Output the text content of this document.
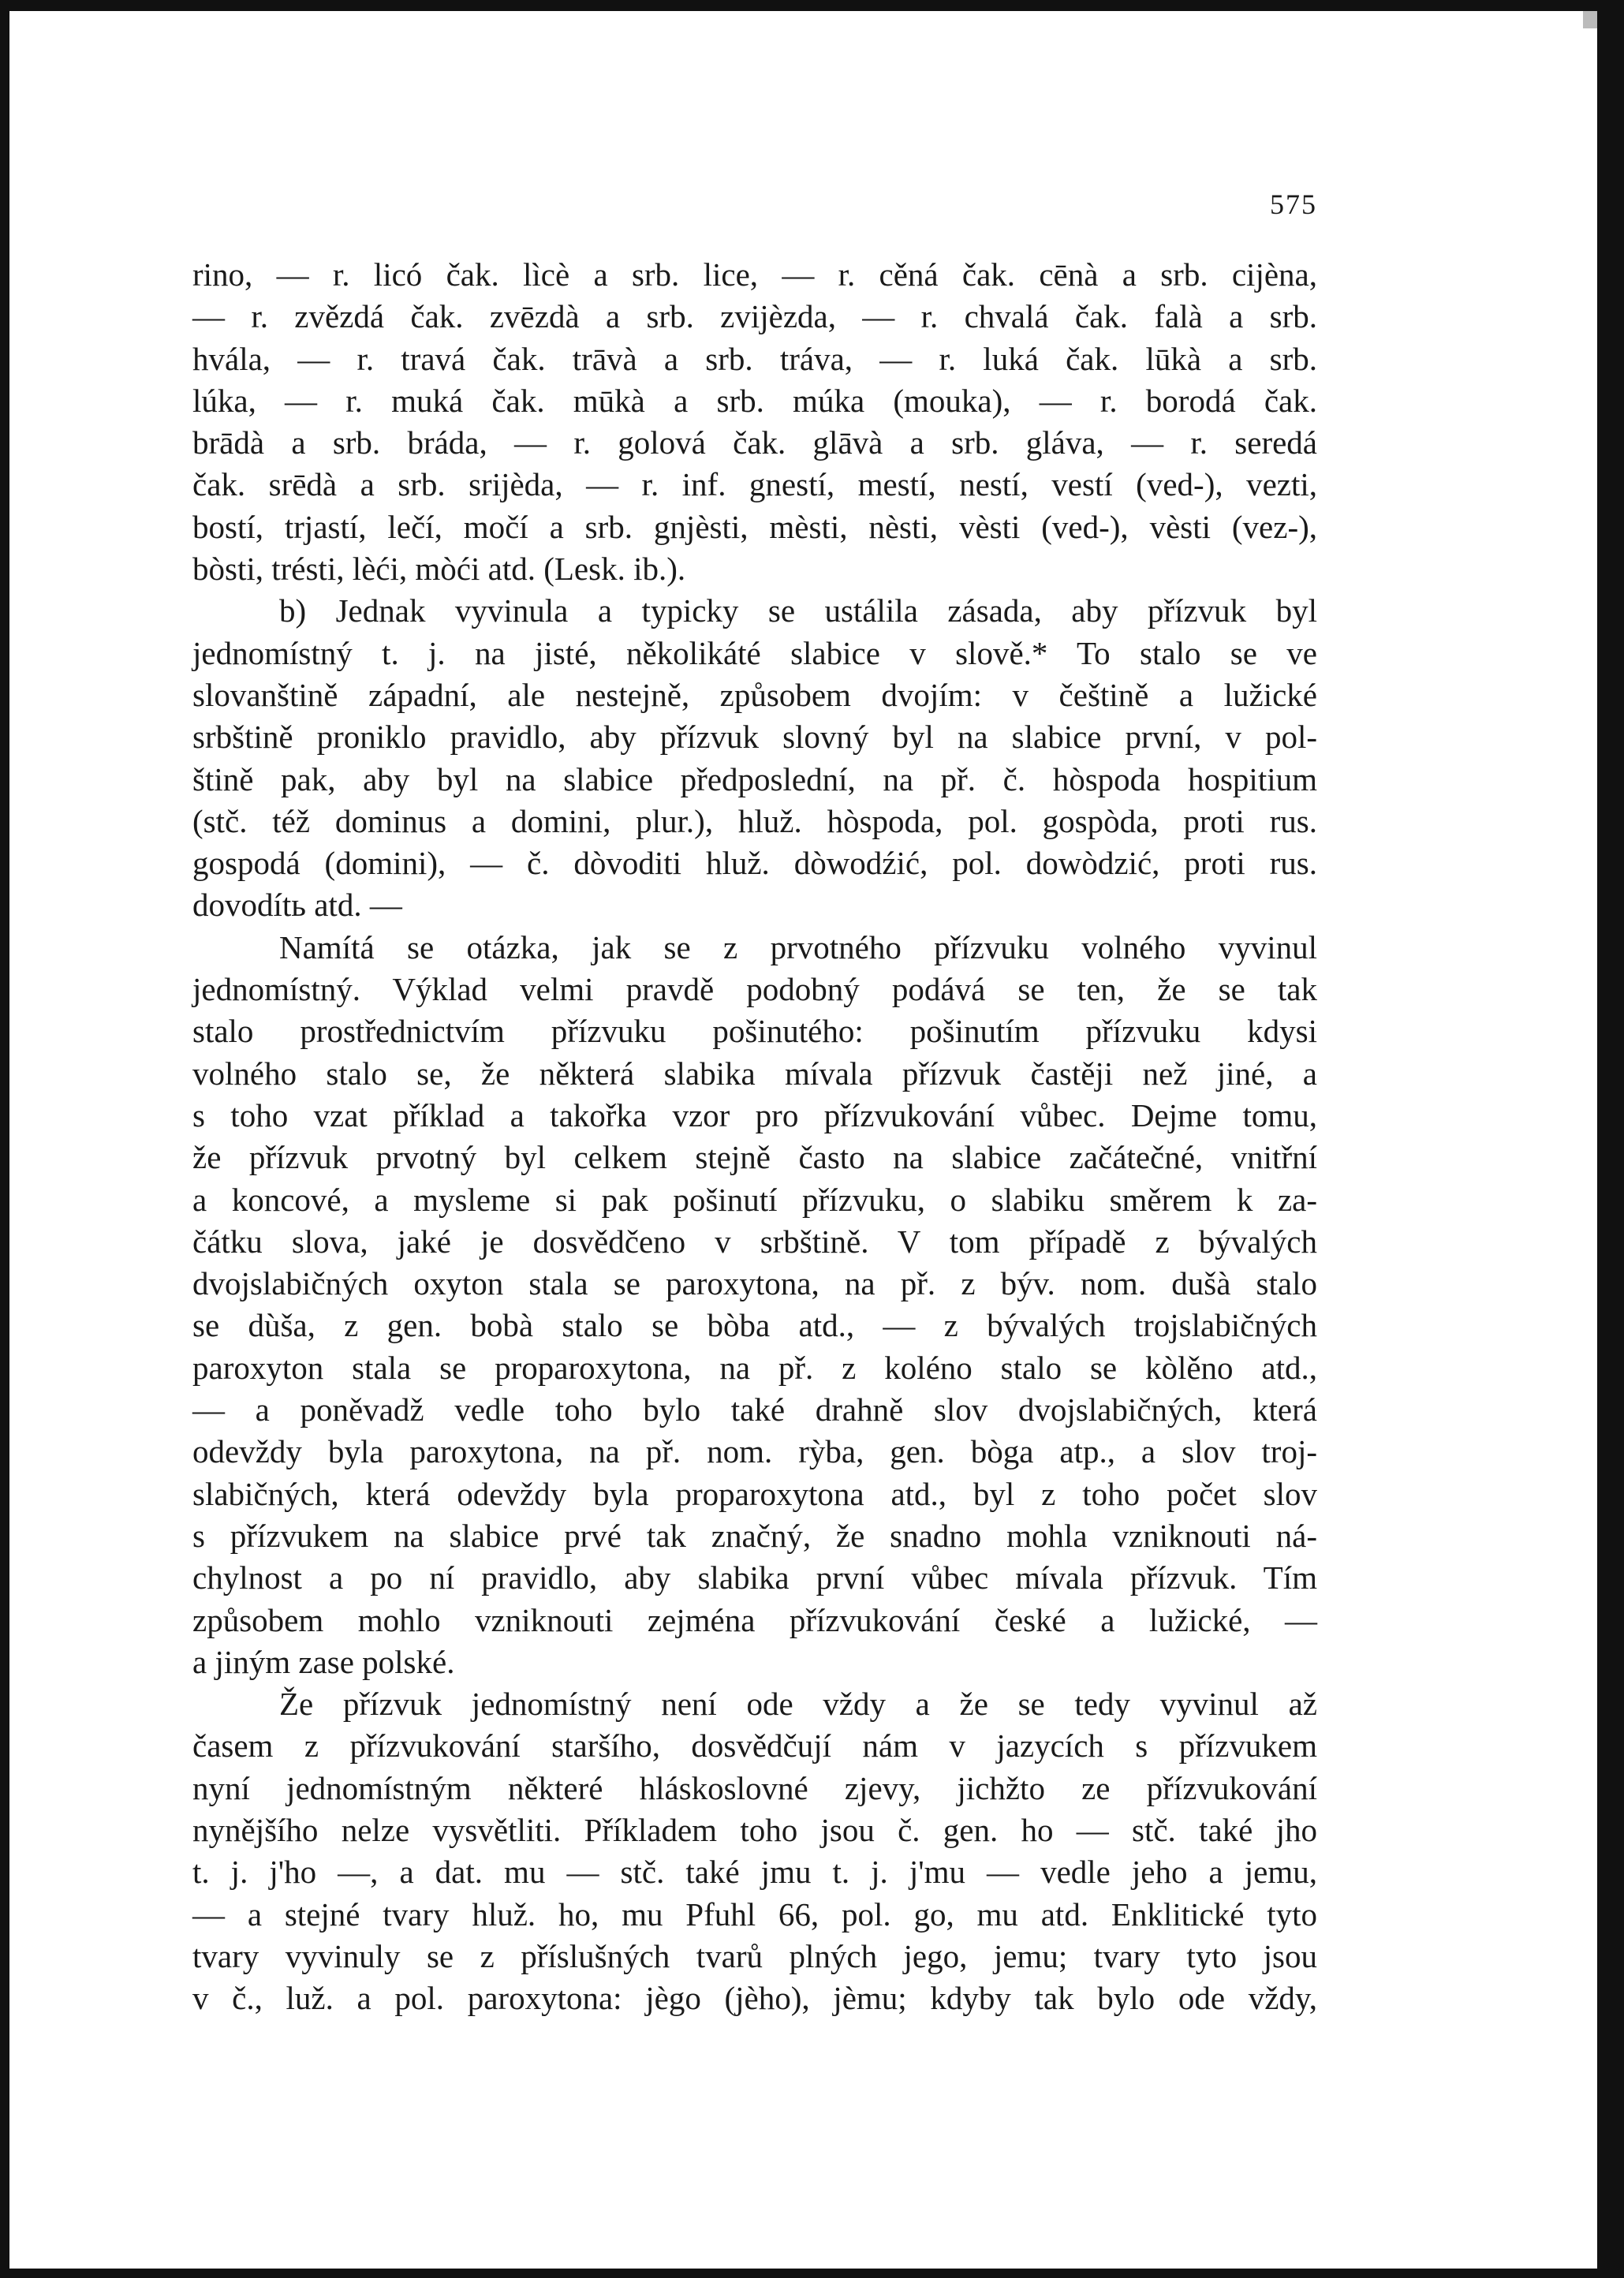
575
rino, — r. licó čak. lìcè a srb. lice, — r. cěná čak. cēnà a srb. cijèna,
— r. zvězdá čak. zvēzdà a srb. zvijèzda, — r. chvalá čak. falà a srb.
hvála, — r. travá čak. trāvà a srb. tráva, — r. luká čak. lūkà a srb.
lúka, — r. muká čak. mūkà a srb. múka (mouka), — r. borodá čak.
brādà a srb. bráda, — r. golová čak. glāvà a srb. gláva, — r. seredá
čak. srēdà a srb. srijèda, — r. inf. gnestí, mestí, nestí, vestí (ved-), vezti,
bostí, trjastí, lečí, močí a srb. gnjèsti, mèsti, nèsti, vèsti (ved-), vèsti (vez-),
bòsti, trésti, lèći, mòći atd. (Lesk. ib.).
b) Jednak vyvinula a typicky se ustálila zásada, aby přízvuk byl
jednomístný t. j. na jisté, několikáté slabice v slově.* To stalo se ve
slovanštině západní, ale nestejně, způsobem dvojím: v češtině a lužické
srbštině proniklo pravidlo, aby přízvuk slovný byl na slabice první, v pol-
štině pak, aby byl na slabice předposlední, na př. č. hòspoda hospitium
(stč. též dominus a domini, plur.), hluž. hòspoda, pol. gospòda, proti rus.
gospodá (domini), — č. dòvoditi hluž. dòwodźić, pol. dowòdzić, proti rus.
dovodítь atd. —
Namítá se otázka, jak se z prvotného přízvuku volného vyvinul
jednomístný. Výklad velmi pravdě podobný podává se ten, že se tak
stalo prostřednictvím přízvuku pošinutého: pošinutím přízvuku kdysi
volného stalo se, že některá slabika mívala přízvuk častěji než jiné, a
s toho vzat příklad a takořka vzor pro přízvukování vůbec. Dejme tomu,
že přízvuk prvotný byl celkem stejně často na slabice začátečné, vnitřní
a koncové, a mysleme si pak pošinutí přízvuku, o slabiku směrem k za-
čátku slova, jaké je dosvědčeno v srbštině. V tom případě z bývalých
dvojslabičných oxyton stala se paroxytona, na př. z býv. nom. dušà stalo
se dùša, z gen. bobà stalo se bòba atd., — z bývalých trojslabičných
paroxyton stala se proparoxytona, na př. z koléno stalo se kòlěno atd.,
— a poněvadž vedle toho bylo také drahně slov dvojslabičných, která
odevždy byla paroxytona, na př. nom. rỳba, gen. bòga atp., a slov troj-
slabičných, která odevždy byla proparoxytona atd., byl z toho počet slov
s přízvukem na slabice prvé tak značný, že snadno mohla vzniknouti ná-
chylnost a po ní pravidlo, aby slabika první vůbec mívala přízvuk. Tím
způsobem mohlo vzniknouti zejména přízvukování české a lužické, —
a jiným zase polské.
Že přízvuk jednomístný není ode vždy a že se tedy vyvinul až
časem z přízvukování staršího, dosvědčují nám v jazycích s přízvukem
nyní jednomístným některé hláskoslovné zjevy, jichžto ze přízvukování
nynějšího nelze vysvětliti. Příkladem toho jsou č. gen. ho — stč. také jho
t. j. j'ho —, a dat. mu — stč. také jmu t. j. j'mu — vedle jeho a jemu,
— a stejné tvary hluž. ho, mu Pfuhl 66, pol. go, mu atd. Enklitické tyto
tvary vyvinuly se z příslušných tvarů plných jego, jemu; tvary tyto jsou
v č., luž. a pol. paroxytona: jègo (jèho), jèmu; kdyby tak bylo ode vždy,
